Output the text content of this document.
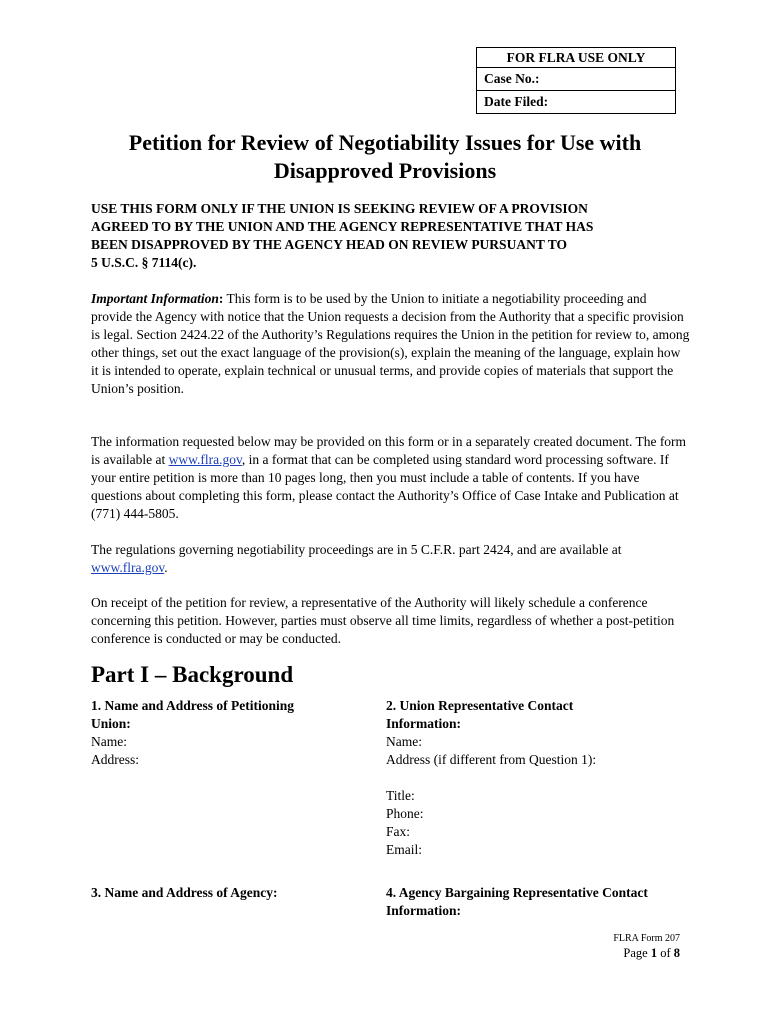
FOR FLRA USE ONLY
Case No.:
Date Filed:
Petition for Review of Negotiability Issues for Use with
Disapproved Provisions

USE THIS FORM ONLY IF THE UNION IS SEEKING REVIEW OF A PROVISION
AGREED TO BY THE UNION AND THE AGENCY REPRESENTATIVE THAT HAS
BEEN DISAPPROVED BY THE AGENCY HEAD ON REVIEW PURSUANT TO
5 U.S.C. § 7114(c).

Important Information: This form is to be used by the Union to initiate a negotiability proceeding and provide the Agency with notice that the Union requests a decision from the Authority that a specific provision is legal. Section 2424.22 of the Authority’s Regulations requires the Union in the petition for review to, among other things, set out the exact language of the provision(s), explain the meaning of the language, explain how it is intended to operate, explain technical or unusual terms, and provide copies of materials that support the Union’s position.

The information requested below may be provided on this form or in a separately created document. The form is available at www.flra.gov, in a format that can be completed using standard word processing software. If your entire petition is more than 10 pages long, then you must include a table of contents. If you have questions about completing this form, please contact the Authority’s Office of Case Intake and Publication at (771) 444-5805.

The regulations governing negotiability proceedings are in 5 C.F.R. part 2424, and are available at www.flra.gov.

On receipt of the petition for review, a representative of the Authority will likely schedule a conference concerning this petition. However, parties must observe all time limits, regardless of whether a post-petition conference is conducted or may be conducted.

Part I – Background
1. Name and Address of Petitioning
Union:
Name:
Address:
2. Union Representative Contact
Information:
Name:
Address (if different from Question 1):
Title:
Phone:
Fax:
Email:
3. Name and Address of Agency:	4. Agency Bargaining Representative Contact
Information:
FLRA Form 207
Page 1 of 8
